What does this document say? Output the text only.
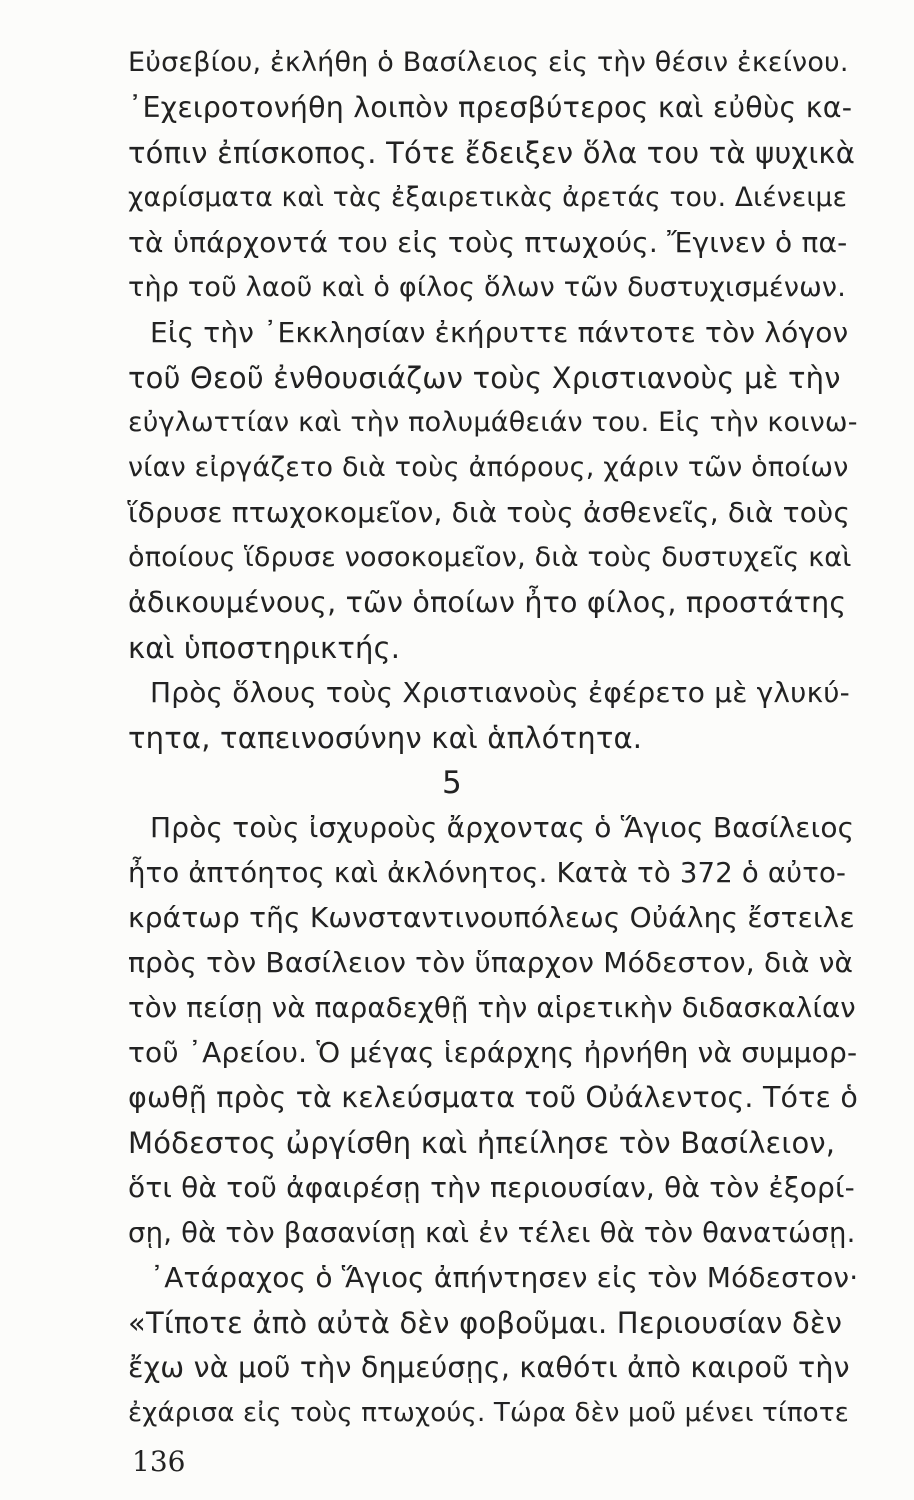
Εὐσεβίου, ἐκλήθη ὁ Βασίλειος εἰς τὴν θέσιν ἐκείνου.
᾿Εχειροτονήθη λοιπὸν πρεσβύτερος καὶ εὐθὺς κα-
τόπιν ἐπίσκοπος. Τότε ἔδειξεν ὅλα του τὰ ψυχικὰ
χαρίσματα καὶ τὰς ἐξαιρετικὰς ἀρετάς του. Διένειμε
τὰ ὑπάρχοντά του εἰς τοὺς πτωχούς. Ἔγινεν ὁ πα-
τὴρ τοῦ λαοῦ καὶ ὁ φίλος ὅλων τῶν δυστυχισμένων.
Εἰς τὴν ᾿Εκκλησίαν ἐκήρυττε πάντοτε τὸν λόγον
τοῦ Θεοῦ ἐνθουσιάζων τοὺς Χριστιανοὺς μὲ τὴν
εὐγλωττίαν καὶ τὴν πολυμάθειάν του. Εἰς τὴν κοινω-
νίαν εἰργάζετο διὰ τοὺς ἀπόρους, χάριν τῶν ὁποίων
ἵδρυσε πτωχοκομεῖον, διὰ τοὺς ἀσθενεῖς, διὰ τοὺς
ὁποίους ἵδρυσε νοσοκομεῖον, διὰ τοὺς δυστυχεῖς καὶ
ἀδικουμένους, τῶν ὁποίων ἦτο φίλος, προστάτης
καὶ ὑποστηρικτής.
Πρὸς ὅλους τοὺς Χριστιανοὺς ἐφέρετο μὲ γλυκύ-
τητα, ταπεινοσύνην καὶ ἁπλότητα.
5
Πρὸς τοὺς ἰσχυροὺς ἄρχοντας ὁ Ἅγιος Βασίλειος
ἦτο ἀπτόητος καὶ ἀκλόνητος. Κατὰ τὸ 372 ὁ αὐτο-
κράτωρ τῆς Κωνσταντινουπόλεως Οὐάλης ἔστειλε
πρὸς τὸν Βασίλειον τὸν ὕπαρχον Μόδεστον, διὰ νὰ
τὸν πείσῃ νὰ παραδεχθῇ τὴν αἱρετικὴν διδασκαλίαν
τοῦ ᾿Αρείου. Ὁ μέγας ἱεράρχης ἠρνήθη νὰ συμμορ-
φωθῇ πρὸς τὰ κελεύσματα τοῦ Οὐάλεντος. Τότε ὁ
Μόδεστος ὠργίσθη καὶ ἠπείλησε τὸν Βασίλειον,
ὅτι θὰ τοῦ ἀφαιρέσῃ τὴν περιουσίαν, θὰ τὸν ἐξορί-
σῃ, θὰ τὸν βασανίσῃ καὶ ἐν τέλει θὰ τὸν θανατώσῃ.
᾿Ατάραχος ὁ Ἅγιος ἀπήντησεν εἰς τὸν Μόδεστον·
«Τίποτε ἀπὸ αὐτὰ δὲν φοβοῦμαι. Περιουσίαν δὲν
ἔχω νὰ μοῦ τὴν δημεύσῃς, καθότι ἀπὸ καιροῦ τὴν
ἐχάρισα εἰς τοὺς πτωχούς. Τώρα δὲν μοῦ μένει τίποτε
136
